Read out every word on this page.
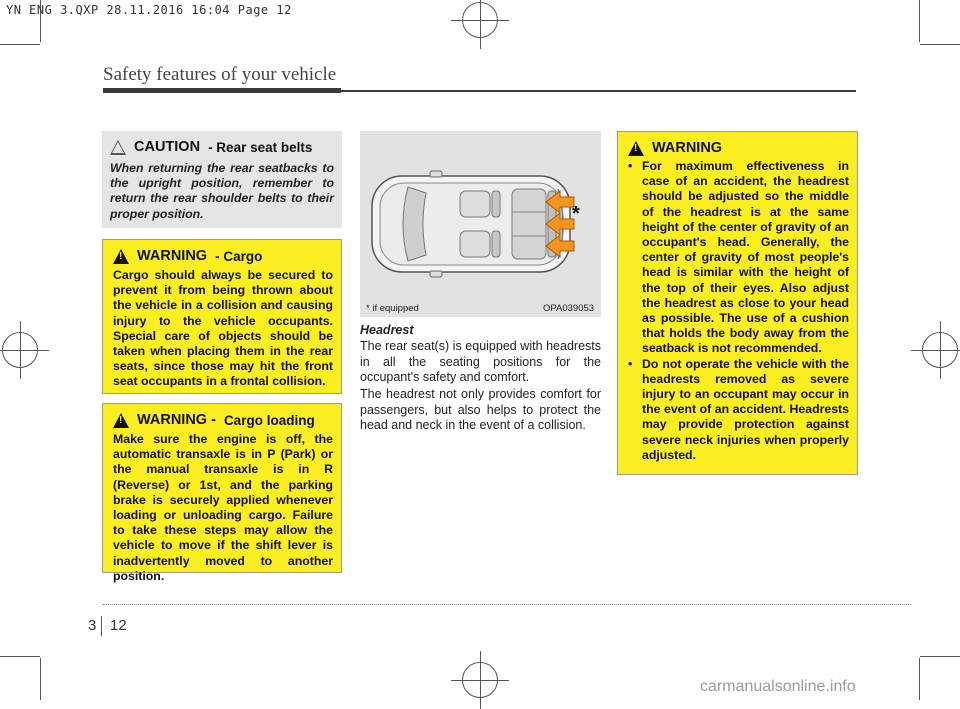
YN ENG 3.QXP 28.11.2016 16:04 Page 12
Safety features of your vehicle
CAUTION - Rear seat belts
When returning the rear seatbacks to the upright position, remember to return the rear shoulder belts to their proper position.
!
WARNING - Cargo
Cargo should always be secured to prevent it from being thrown about the vehicle in a collision and causing injury to the vehicle occupants. Special care of objects should be taken when placing them in the rear seats, since those may hit the front seat occupants in a frontal collision.
!
WARNING - Cargo loading
Make sure the engine is off, the automatic transaxle is in P (Park) or the manual transaxle is in R (Reverse) or 1st, and the parking brake is securely applied whenever loading or unloading cargo. Failure to take these steps may allow the vehicle to move if the shift lever is inadvertently moved to another position.
*
* if equipped	OPA039053
Headrest
The rear seat(s) is equipped with headrests in all the seating positions for the occupant's safety and comfort.
The headrest not only provides comfort for passengers, but also helps to protect the head and neck in the event of a collision.
!
WARNING
• For maximum effectiveness in case of an accident, the headrest should be adjusted so the middle of the headrest is at the same height of the center of gravity of an occupant's head. Generally, the center of gravity of most people's head is similar with the height of the top of their eyes. Also adjust the headrest as close to your head as possible. The use of a cushion that holds the body away from the seatback is not recommended.
• Do not operate the vehicle with the headrests removed as severe injury to an occupant may occur in the event of an accident. Headrests may provide protection against severe neck injuries when properly adjusted.
3 12
carmanualsonline.info
